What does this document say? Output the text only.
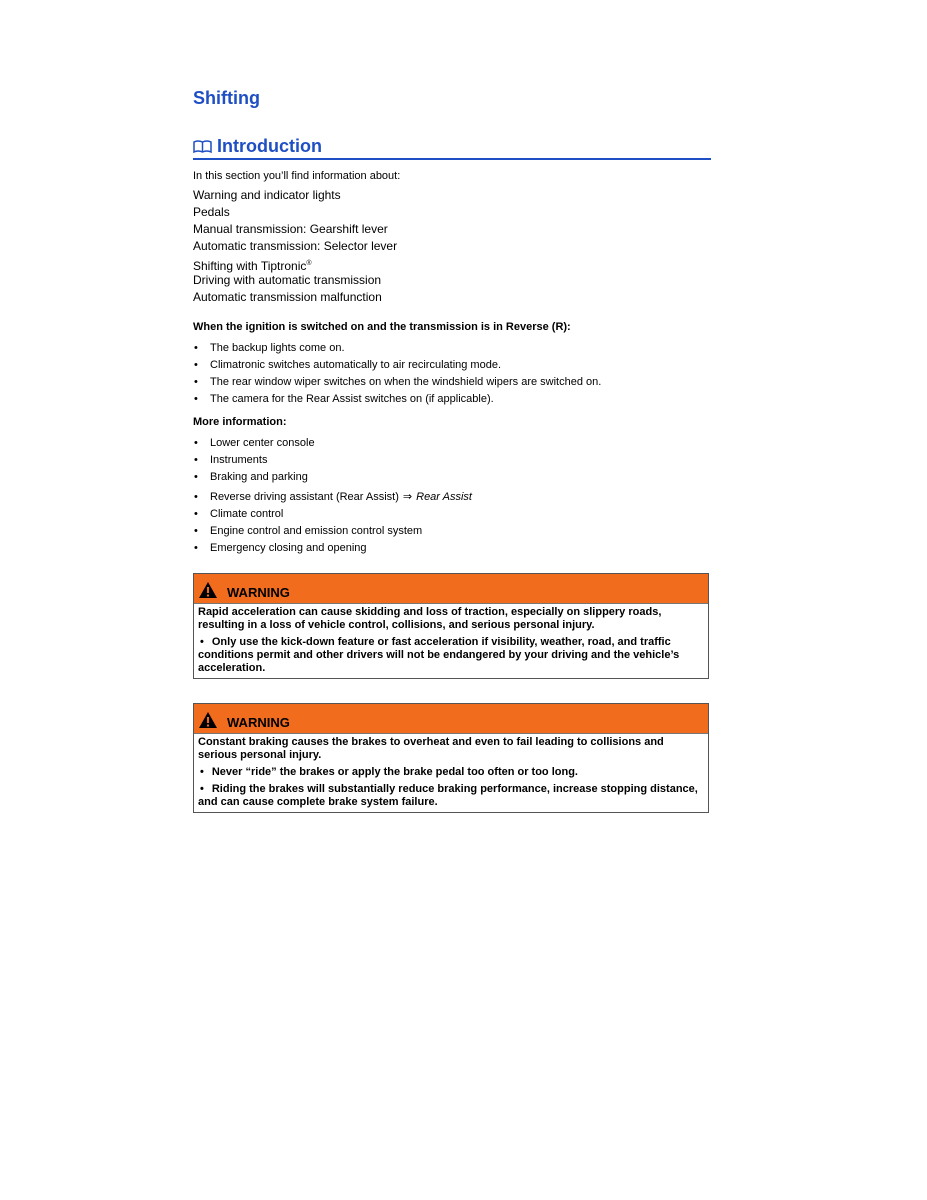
Shifting
Introduction
In this section you’ll find information about:
Warning and indicator lights
Pedals
Manual transmission: Gearshift lever
Automatic transmission: Selector lever
Shifting with Tiptronic®
Driving with automatic transmission
Automatic transmission malfunction
When the ignition is switched on and the transmission is in Reverse (R):
• The backup lights come on.
• Climatronic switches automatically to air recirculating mode.
• The rear window wiper switches on when the windshield wipers are switched on.
• The camera for the Rear Assist switches on (if applicable).
More information:
• Lower center console
• Instruments
• Braking and parking
• Reverse driving assistant (Rear Assist) ⇒ Rear Assist
• Climate control
• Engine control and emission control system
• Emergency closing and opening
WARNING

Rapid acceleration can cause skidding and loss of traction, especially on slippery roads, resulting in a loss of vehicle control, collisions, and serious personal injury.

• Only use the kick-down feature or fast acceleration if visibility, weather, road, and traffic conditions permit and other drivers will not be endangered by your driving and the vehicle’s acceleration.

WARNING

Constant braking causes the brakes to overheat and even to fail leading to collisions and serious personal injury.

• Never “ride” the brakes or apply the brake pedal too often or too long.

• Riding the brakes will substantially reduce braking performance, increase stopping distance, and can cause complete brake system failure.
